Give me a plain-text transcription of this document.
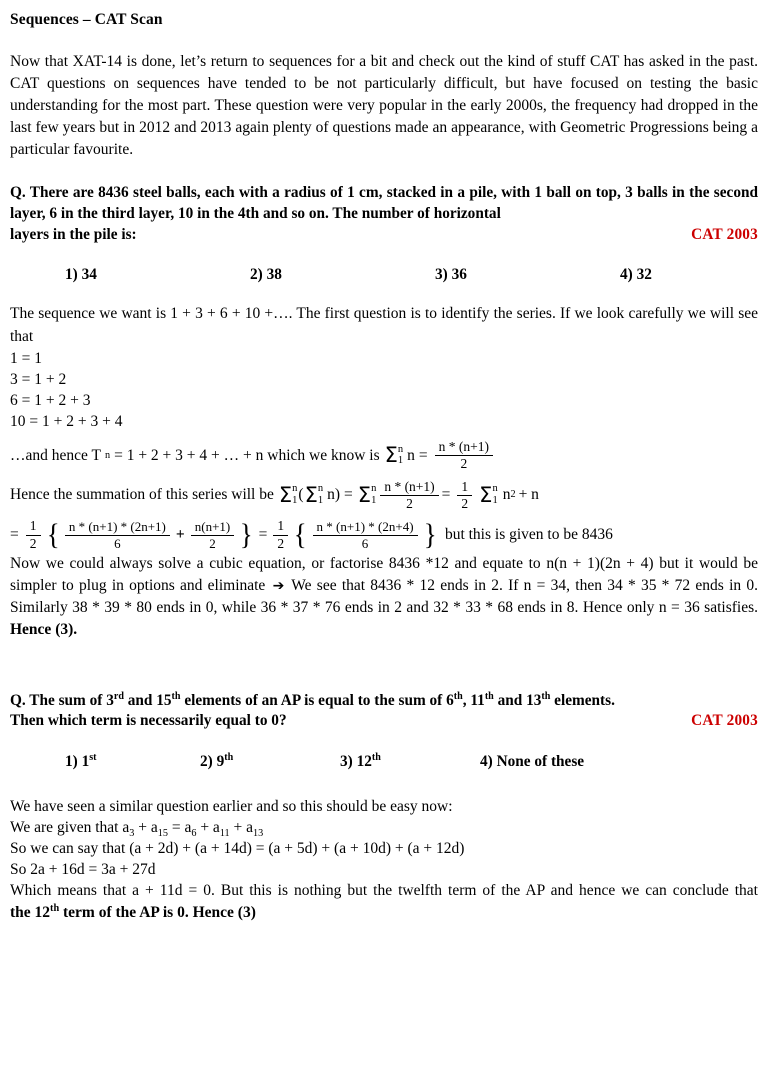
Sequences – CAT Scan

Now that XAT-14 is done, let’s return to sequences for a bit and check out the kind of stuff CAT has asked in the past. CAT questions on sequences have tended to be not particularly difficult, but have focused on testing the basic understanding for the most part. These question were very popular in the early 2000s, the frequency had dropped in the last few years but in 2012 and 2013 again plenty of questions made an appearance, with Geometric Progressions being a particular favourite.

Q. There are 8436 steel balls, each with a radius of 1 cm, stacked in a pile, with 1 ball on top, 3 balls in the second layer, 6 in the third layer, 10 in the 4th and so on. The number of horizontal

layers in the pile is:	CAT 2003
1) 34	2) 38	3) 36	4) 32

The sequence we want is 1 + 3 + 6 + 10 +…. The first question is to identify the series. If we look carefully we will see that

1 = 1

3 = 1 + 2

6 = 1 + 2 + 3

10 = 1 + 2 + 3 + 4

…and hence T n = 1 + 2 + 3 + 4 + … + n which we know is Σ n
1 $n = \frac{n * (n+1)}{2}$
Hence the summation of this series will be Σ n
1 ( Σ n
1 n ) = Σ n
$1 \frac{n * (n+1)}{2} = \frac{1}{2}$ Σ n
1 n 2 + n
= $\frac{1}{2}$ { $\frac{n * (n+1) * (2n+1)}{6} + \frac{n(n+1)}{2}$ } = $\frac{1}{2}$ { $\frac{n * (n+1) * (2n+4)}{6}$ } but this is given to be 8436

Now we could always solve a cubic equation, or factorise 8436 *12 and equate to n(n + 1)(2n + 4) but it would be simpler to plug in options and eliminate ➔ We see that 8436 * 12 ends in 2. If n = 34, then 34 * 35 * 72 ends in 0. Similarly 38 * 39 * 80 ends in 0, while 36 * 37 * 76 ends in 2 and 32 * 33 * 68 ends in 8. Hence only n = 36 satisfies. Hence (3).

Q. The sum of 3rd and 15th elements of an AP is equal to the sum of 6th, 11th and 13th elements.

Then which term is necessarily equal to 0?	CAT 2003
1) 1st	2) 9th	3) 12th	4) None of these

We have seen a similar question earlier and so this should be easy now:

We are given that $a_3 + a_{15} = a_6 + a_{11} + a_{13}$

So we can say that (a + 2d) + (a + 14d) = (a + 5d) + (a + 10d) + (a + 12d)

So 2a + 16d = 3a + 27d

Which means that a + 11d = 0. But this is nothing but the twelfth term of the AP and hence we can conclude that the 12th term of the AP is 0. Hence (3)
